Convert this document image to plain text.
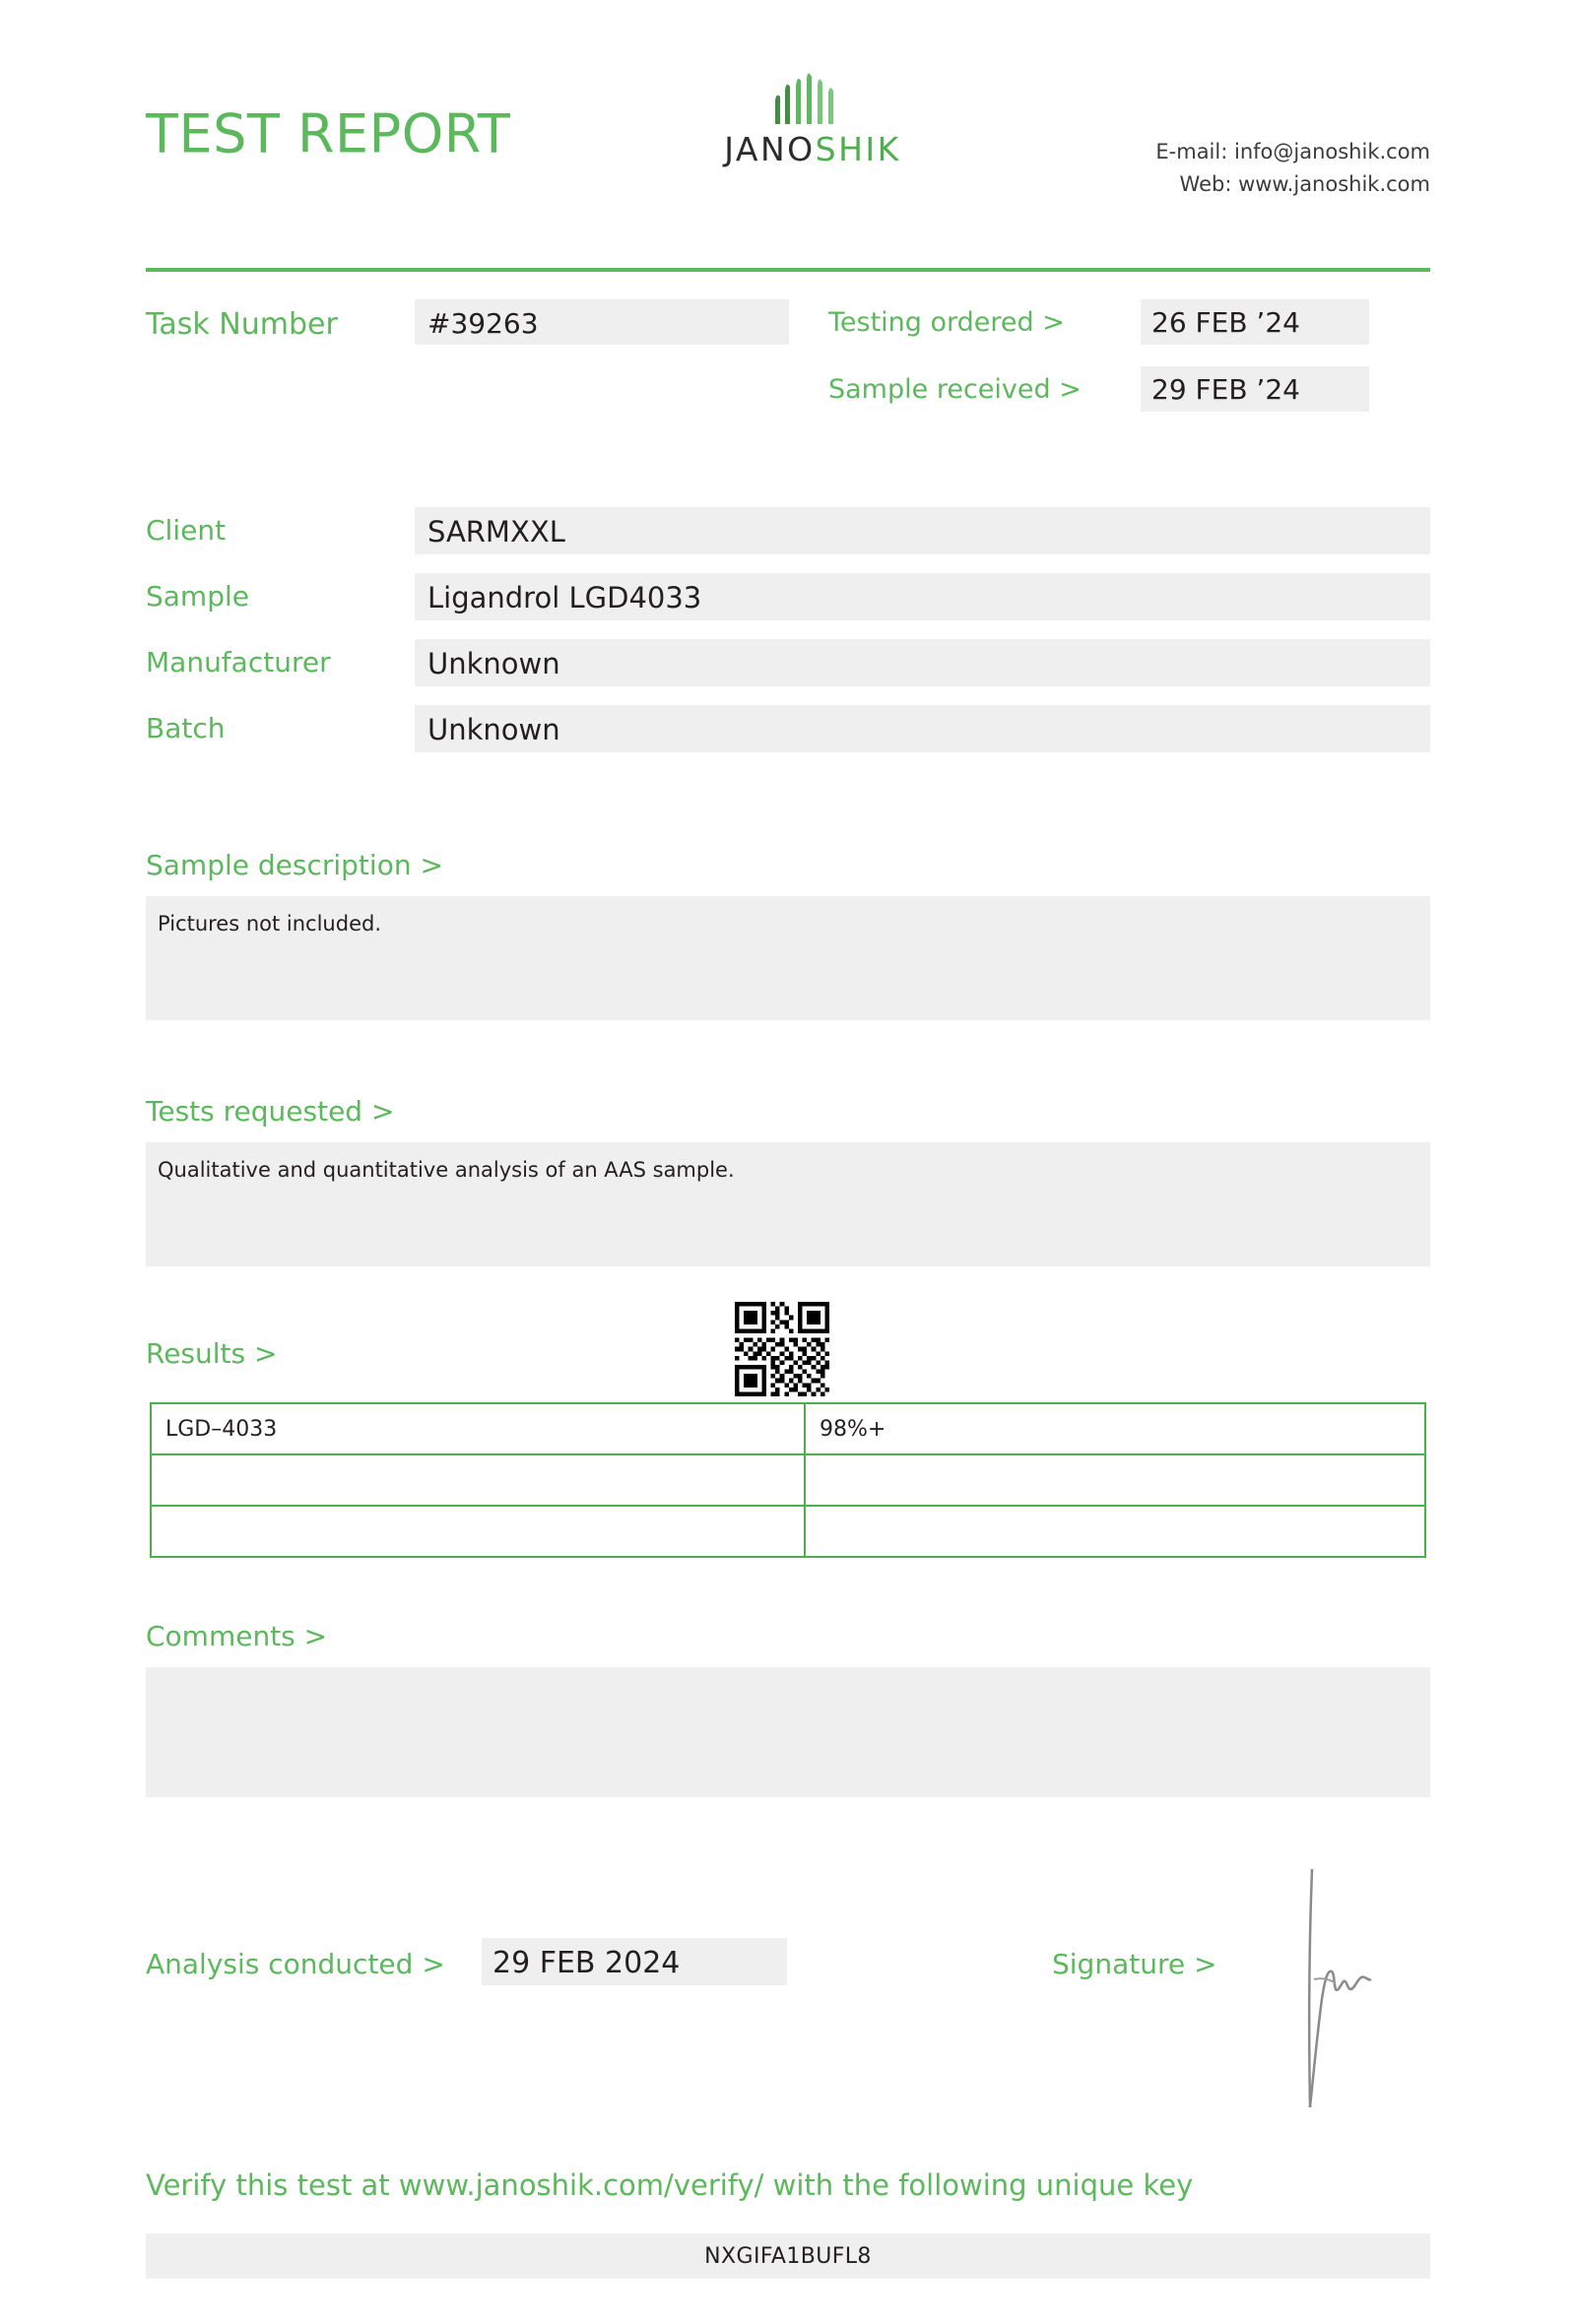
TEST REPORT	JANOSHIK	E-mail: info@janoshik.com
Web: www.janoshik.com
Task Number	#39263	Testing ordered >	26 FEB ’24
Sample received >	29 FEB ’24
Client	SARMXXL
Sample	Ligandrol LGD4033
Manufacturer	Unknown
Batch	Unknown
Sample description >
Pictures not included.
Tests requested >
Qualitative and quantitative analysis of an AAS sample.
Results >
LGD–4033	98%+

Comments >
Analysis conducted >	29 FEB 2024	Signature >
Verify this test at www.janoshik.com/verify/ with the following unique key
NXGIFA1BUFL8
